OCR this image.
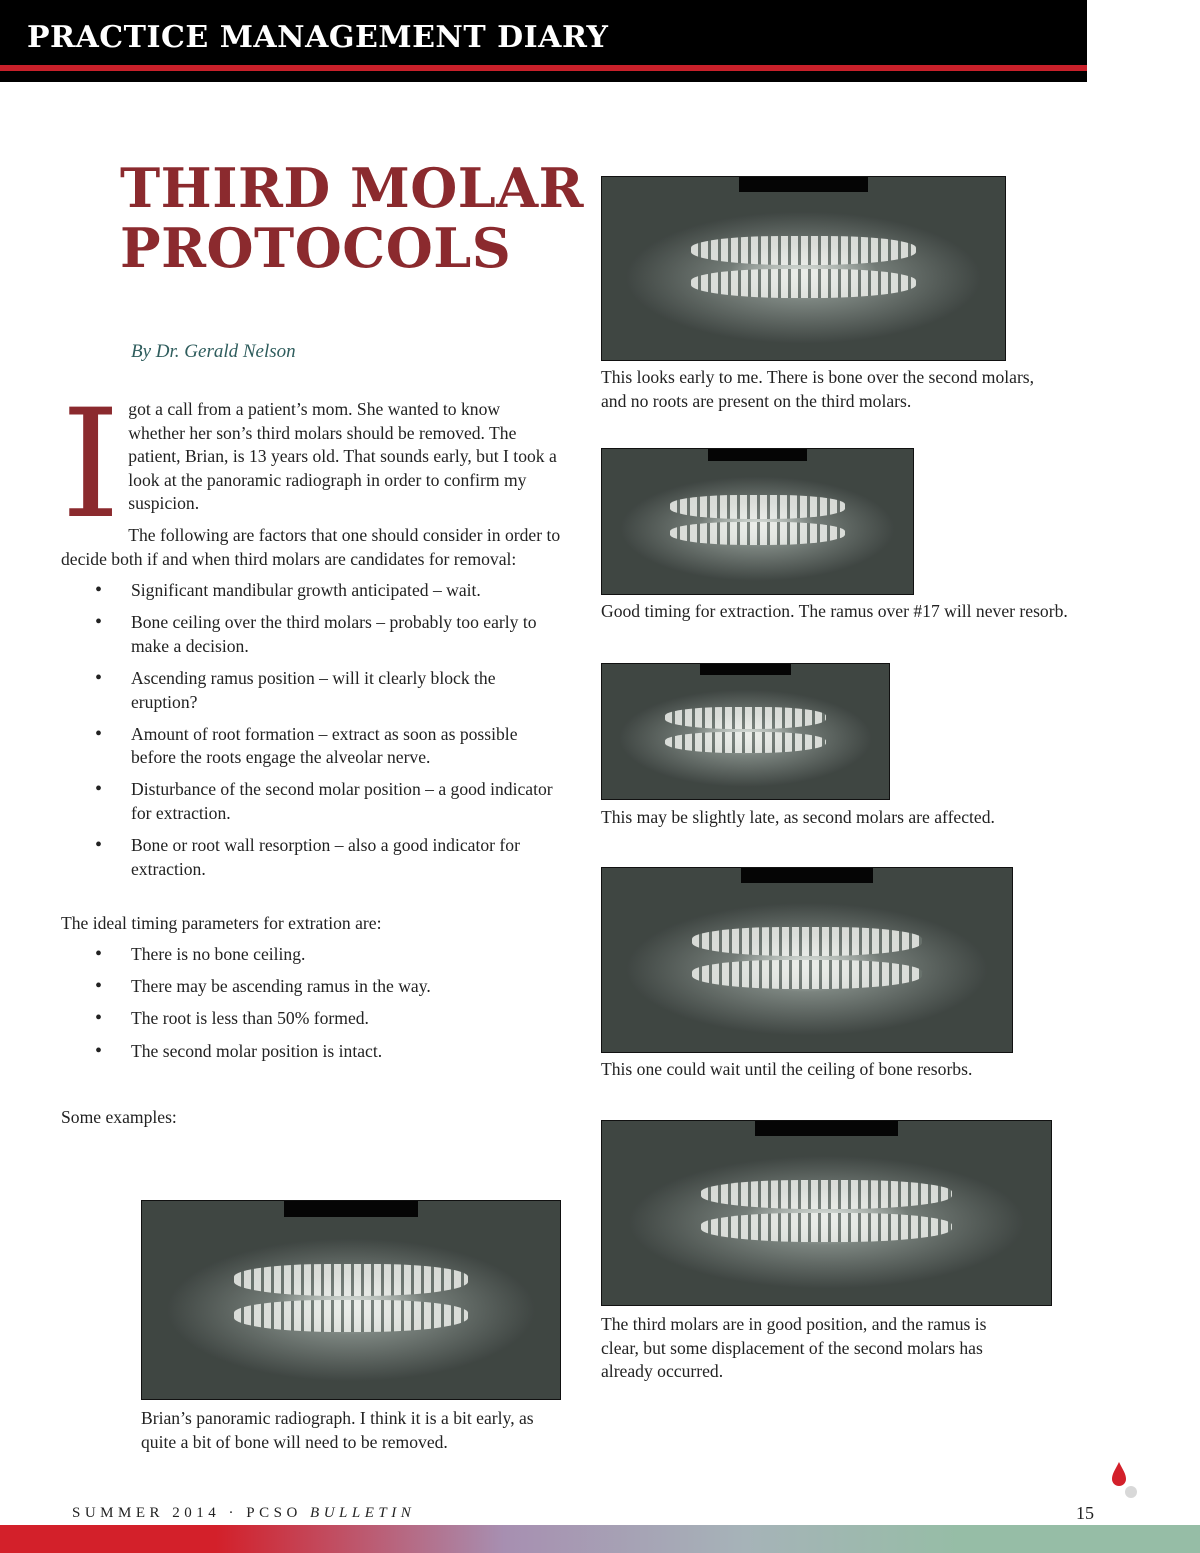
PRACTICE MANAGEMENT DIARY
THIRD MOLAR
PROTOCOLS
By Dr. Gerald Nelson

I got a call from a patient’s mom. She wanted to know whether her son’s third molars should be removed. The patient, Brian, is 13 years old. That sounds early, but I took a look at the panoramic radiograph in order to confirm my suspicion.

The following are factors that one should consider in order to decide both if and when third molars are candidates for removal:

• Significant mandibular growth anticipated – wait.
• Bone ceiling over the third molars – probably too early to make a decision.
• Ascending ramus position – will it clearly block the eruption?
• Amount of root formation – extract as soon as possible before the roots engage the alveolar nerve.
• Disturbance of the second molar position – a good indicator for extraction.
• Bone or root wall resorption – also a good indicator for extraction.

The ideal timing parameters for extration are:

• There is no bone ceiling.
• There may be ascending ramus in the way.
• The root is less than 50% formed.
• The second molar position is intact.

Some examples:

Brian’s panoramic radiograph. I think it is a bit early, as quite a bit of bone will need to be removed.
This looks early to me. There is bone over the second molars, and no roots are present on the third molars.
Good timing for extraction. The ramus over #17 will never resorb.
This may be slightly late, as second molars are affected.
This one could wait until the ceiling of bone resorbs.
The third molars are in good position, and the ramus is clear, but some displacement of the second molars has already occurred.
SUMMER 2014 · PCSO BULLETIN	15
